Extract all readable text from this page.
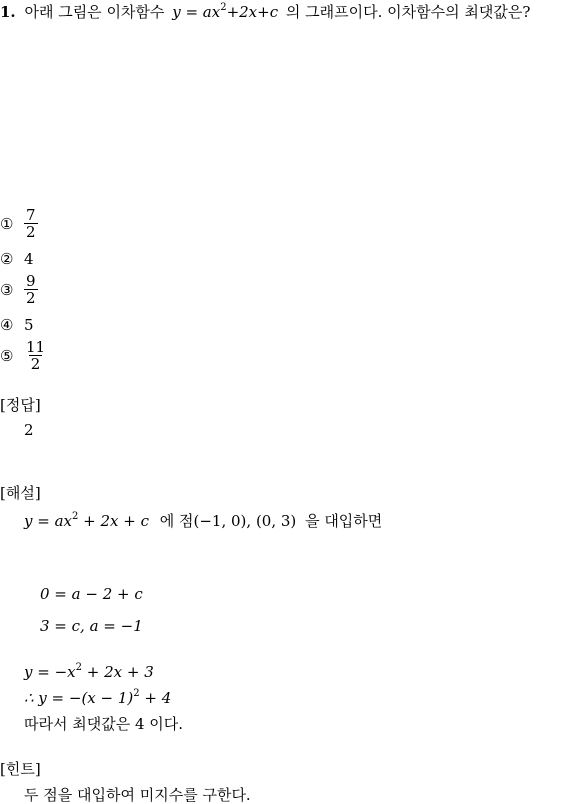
1. 아래 그림은 이차함수 $y = ax^2+2x+c$ 의 그래프이다. 이차함수의 최댓값은?
① $\frac{7}{2}$
② 4
③ $\frac{9}{2}$
④ 5
⑤ $\frac{11}{2}$
[정답]
2
[해설]
$y = ax^2 + 2x + c$ 에 점(−1, 0), (0, 3) 을 대입하면
0 = a − 2 + c
3 = c, a = −1
$y = -x^2 + 2x + 3$
∴ $y = -(x - 1)^2 + 4$
따라서 최댓값은 4 이다.
[힌트]
두 점을 대입하여 미지수를 구한다.
